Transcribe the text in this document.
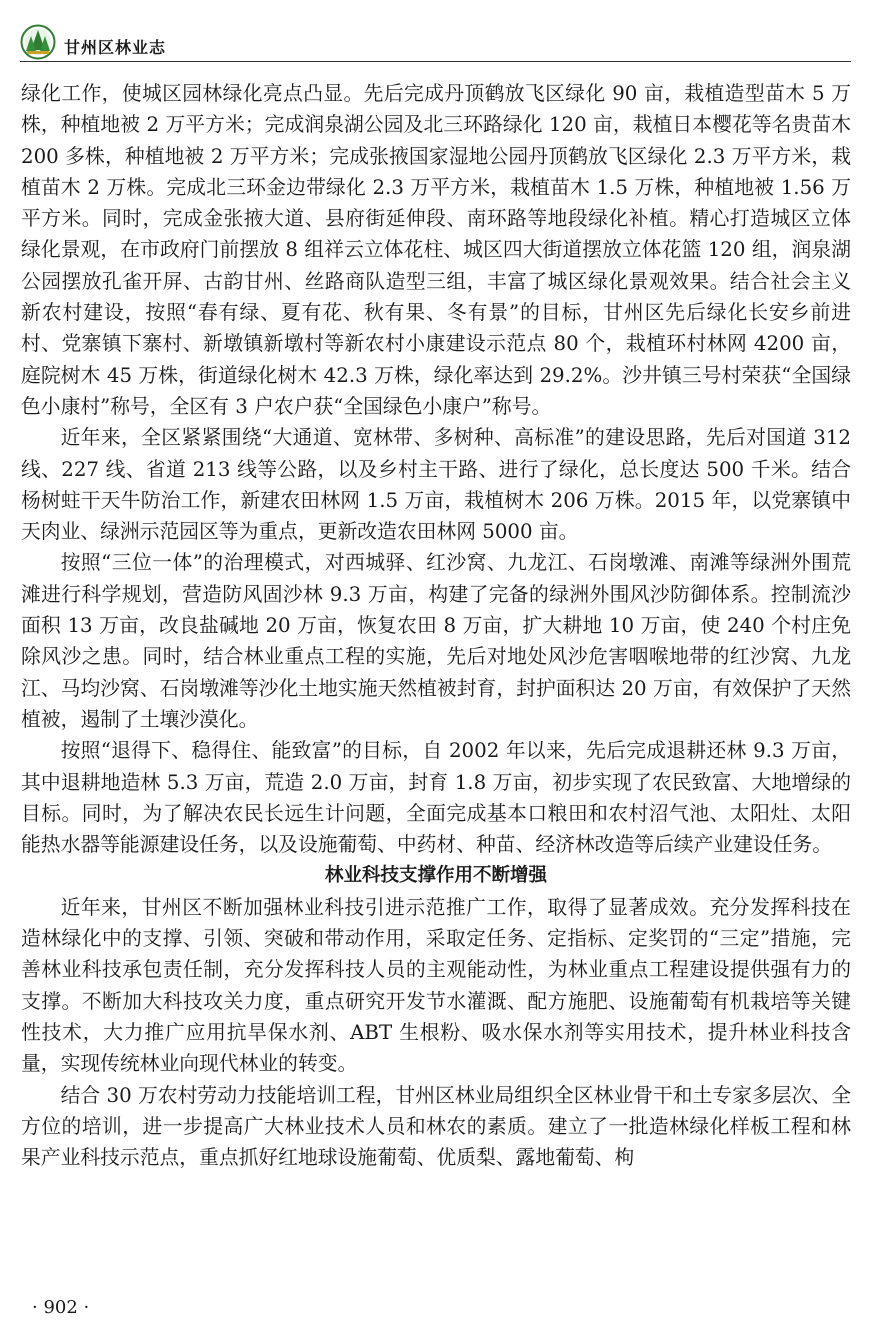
甘州区林业志

绿化工作，使城区园林绿化亮点凸显。先后完成丹顶鹤放飞区绿化 90 亩，栽植造型苗木 5 万株，种植地被 2 万平方米；完成润泉湖公园及北三环路绿化 120 亩，栽植日本樱花等名贵苗木 200 多株，种植地被 2 万平方米；完成张掖国家湿地公园丹顶鹤放飞区绿化 2.3 万平方米，栽植苗木 2 万株。完成北三环金边带绿化 2.3 万平方米，栽植苗木 1.5 万株，种植地被 1.56 万平方米。同时，完成金张掖大道、县府街延伸段、南环路等地段绿化补植。精心打造城区立体绿化景观，在市政府门前摆放 8 组祥云立体花柱、城区四大街道摆放立体花篮 120 组，润泉湖公园摆放孔雀开屏、古韵甘州、丝路商队造型三组，丰富了城区绿化景观效果。结合社会主义新农村建设，按照“春有绿、夏有花、秋有果、冬有景”的目标，甘州区先后绿化长安乡前进村、党寨镇下寨村、新墩镇新墩村等新农村小康建设示范点 80 个，栽植环村林网 4200 亩，庭院树木 45 万株，街道绿化树木 42.3 万株，绿化率达到 29.2%。沙井镇三号村荣获“全国绿色小康村”称号，全区有 3 户农户获“全国绿色小康户”称号。

近年来，全区紧紧围绕“大通道、宽林带、多树种、高标准”的建设思路，先后对国道 312 线、227 线、省道 213 线等公路，以及乡村主干路、进行了绿化，总长度达 500 千米。结合杨树蛀干天牛防治工作，新建农田林网 1.5 万亩，栽植树木 206 万株。2015 年，以党寨镇中天肉业、绿洲示范园区等为重点，更新改造农田林网 5000 亩。

按照“三位一体”的治理模式，对西城驿、红沙窝、九龙江、石岗墩滩、南滩等绿洲外围荒滩进行科学规划，营造防风固沙林 9.3 万亩，构建了完备的绿洲外围风沙防御体系。控制流沙面积 13 万亩，改良盐碱地 20 万亩，恢复农田 8 万亩，扩大耕地 10 万亩，使 240 个村庄免除风沙之患。同时，结合林业重点工程的实施，先后对地处风沙危害咽喉地带的红沙窝、九龙江、马均沙窝、石岗墩滩等沙化土地实施天然植被封育，封护面积达 20 万亩，有效保护了天然植被，遏制了土壤沙漠化。

按照“退得下、稳得住、能致富”的目标，自 2002 年以来，先后完成退耕还林 9.3 万亩，其中退耕地造林 5.3 万亩，荒造 2.0 万亩，封育 1.8 万亩，初步实现了农民致富、大地增绿的目标。同时，为了解决农民长远生计问题，全面完成基本口粮田和农村沼气池、太阳灶、太阳能热水器等能源建设任务，以及设施葡萄、中药材、种苗、经济林改造等后续产业建设任务。

林业科技支撑作用不断增强

近年来，甘州区不断加强林业科技引进示范推广工作，取得了显著成效。充分发挥科技在造林绿化中的支撑、引领、突破和带动作用，采取定任务、定指标、定奖罚的“三定”措施，完善林业科技承包责任制，充分发挥科技人员的主观能动性，为林业重点工程建设提供强有力的支撑。不断加大科技攻关力度，重点研究开发节水灌溉、配方施肥、设施葡萄有机栽培等关键性技术，大力推广应用抗旱保水剂、ABT 生根粉、吸水保水剂等实用技术，提升林业科技含量，实现传统林业向现代林业的转变。

结合 30 万农村劳动力技能培训工程，甘州区林业局组织全区林业骨干和土专家多层次、全方位的培训，进一步提高广大林业技术人员和林农的素质。建立了一批造林绿化样板工程和林果产业科技示范点，重点抓好红地球设施葡萄、优质梨、露地葡萄、枸

· 902 ·
